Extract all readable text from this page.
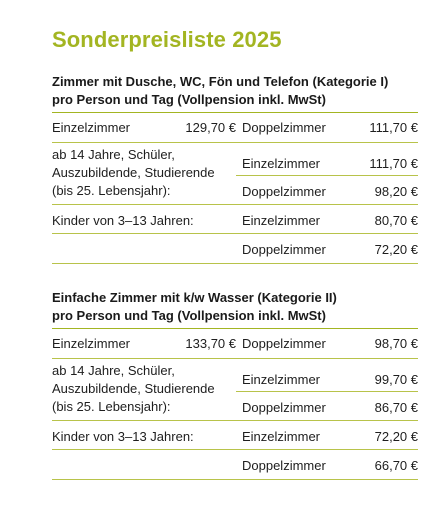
Sonderpreisliste 2025
Zimmer mit Dusche, WC, Fön und Telefon (Kategorie I)
pro Person und Tag (Vollpension inkl. MwSt)
Einzelzimmer	129,70 € Doppelzimmer	111,70 €
ab 14 Jahre, Schüler,
Auszubildende, Studierende
(bis 25. Lebensjahr):
Einzelzimmer	111,70 €
Doppelzimmer	98,20 €
Kinder von 3–13 Jahren:	Einzelzimmer	80,70 €
Doppelzimmer	72,20 €
Einfache Zimmer mit k/w Wasser (Kategorie II)
pro Person und Tag (Vollpension inkl. MwSt)
Einzelzimmer	133,70 € Doppelzimmer	98,70 €
ab 14 Jahre, Schüler,
Auszubildende, Studierende
(bis 25. Lebensjahr):
Einzelzimmer	99,70 €
Doppelzimmer	86,70 €
Kinder von 3–13 Jahren:	Einzelzimmer	72,20 €
Doppelzimmer	66,70 €
